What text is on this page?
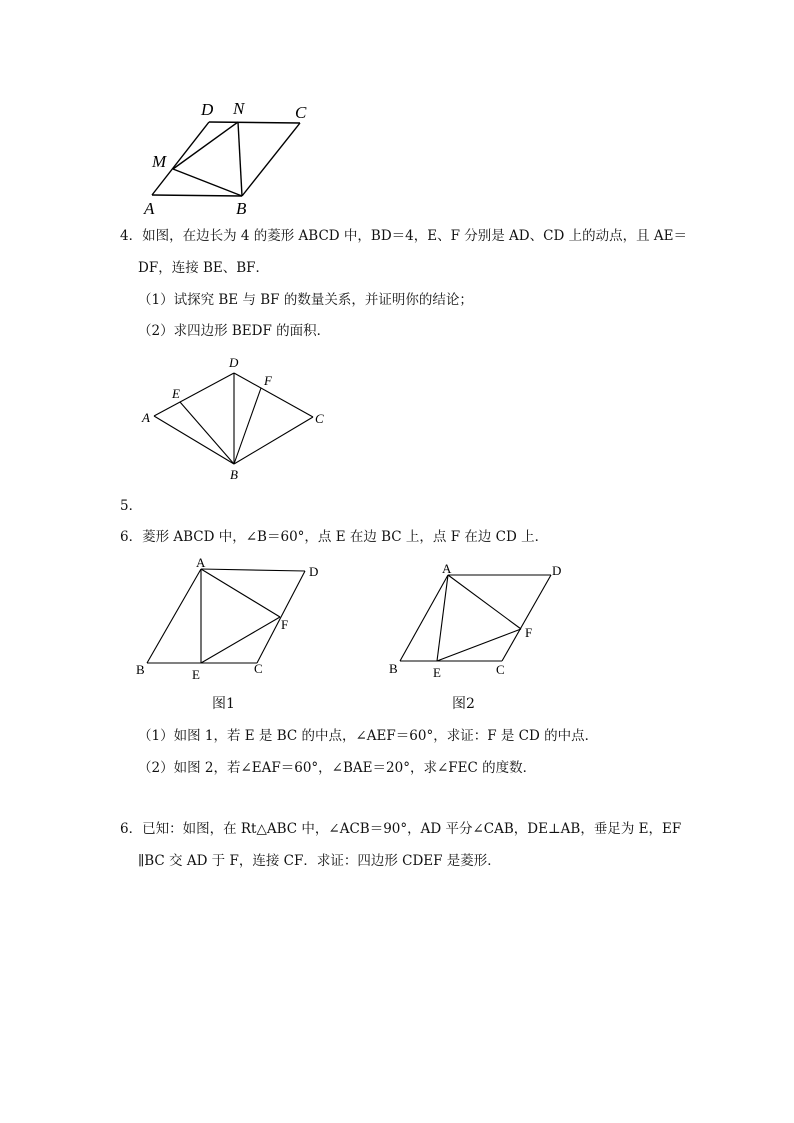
A	B
C
D
M
N
4．如图，在边长为 4 的菱形 ABCD 中，BD＝4，E、F 分别是 AD、CD 上的动点，且 AE＝
DF，连接 BE、BF．
（1）试探究 BE 与 BF 的数量关系，并证明你的结论；
（2）求四边形 BEDF 的面积．
A
B
C
D
E
F
5．
6．菱形 ABCD 中，∠B＝60°，点 E 在边 BC 上，点 F 在边 CD 上．
B	C
D
A
E
F
图1
B	C
D
A
E
F
图2
（1）如图 1，若 E 是 BC 的中点，∠AEF＝60°，求证：F 是 CD 的中点．
（2）如图 2，若∠EAF＝60°，∠BAE＝20°，求∠FEC 的度数．
6．已知：如图，在 Rt△ABC 中，∠ACB＝90°，AD 平分∠CAB，DE⊥AB，垂足为 E，EF
∥BC 交 AD 于 F，连接 CF．求证：四边形 CDEF 是菱形．
